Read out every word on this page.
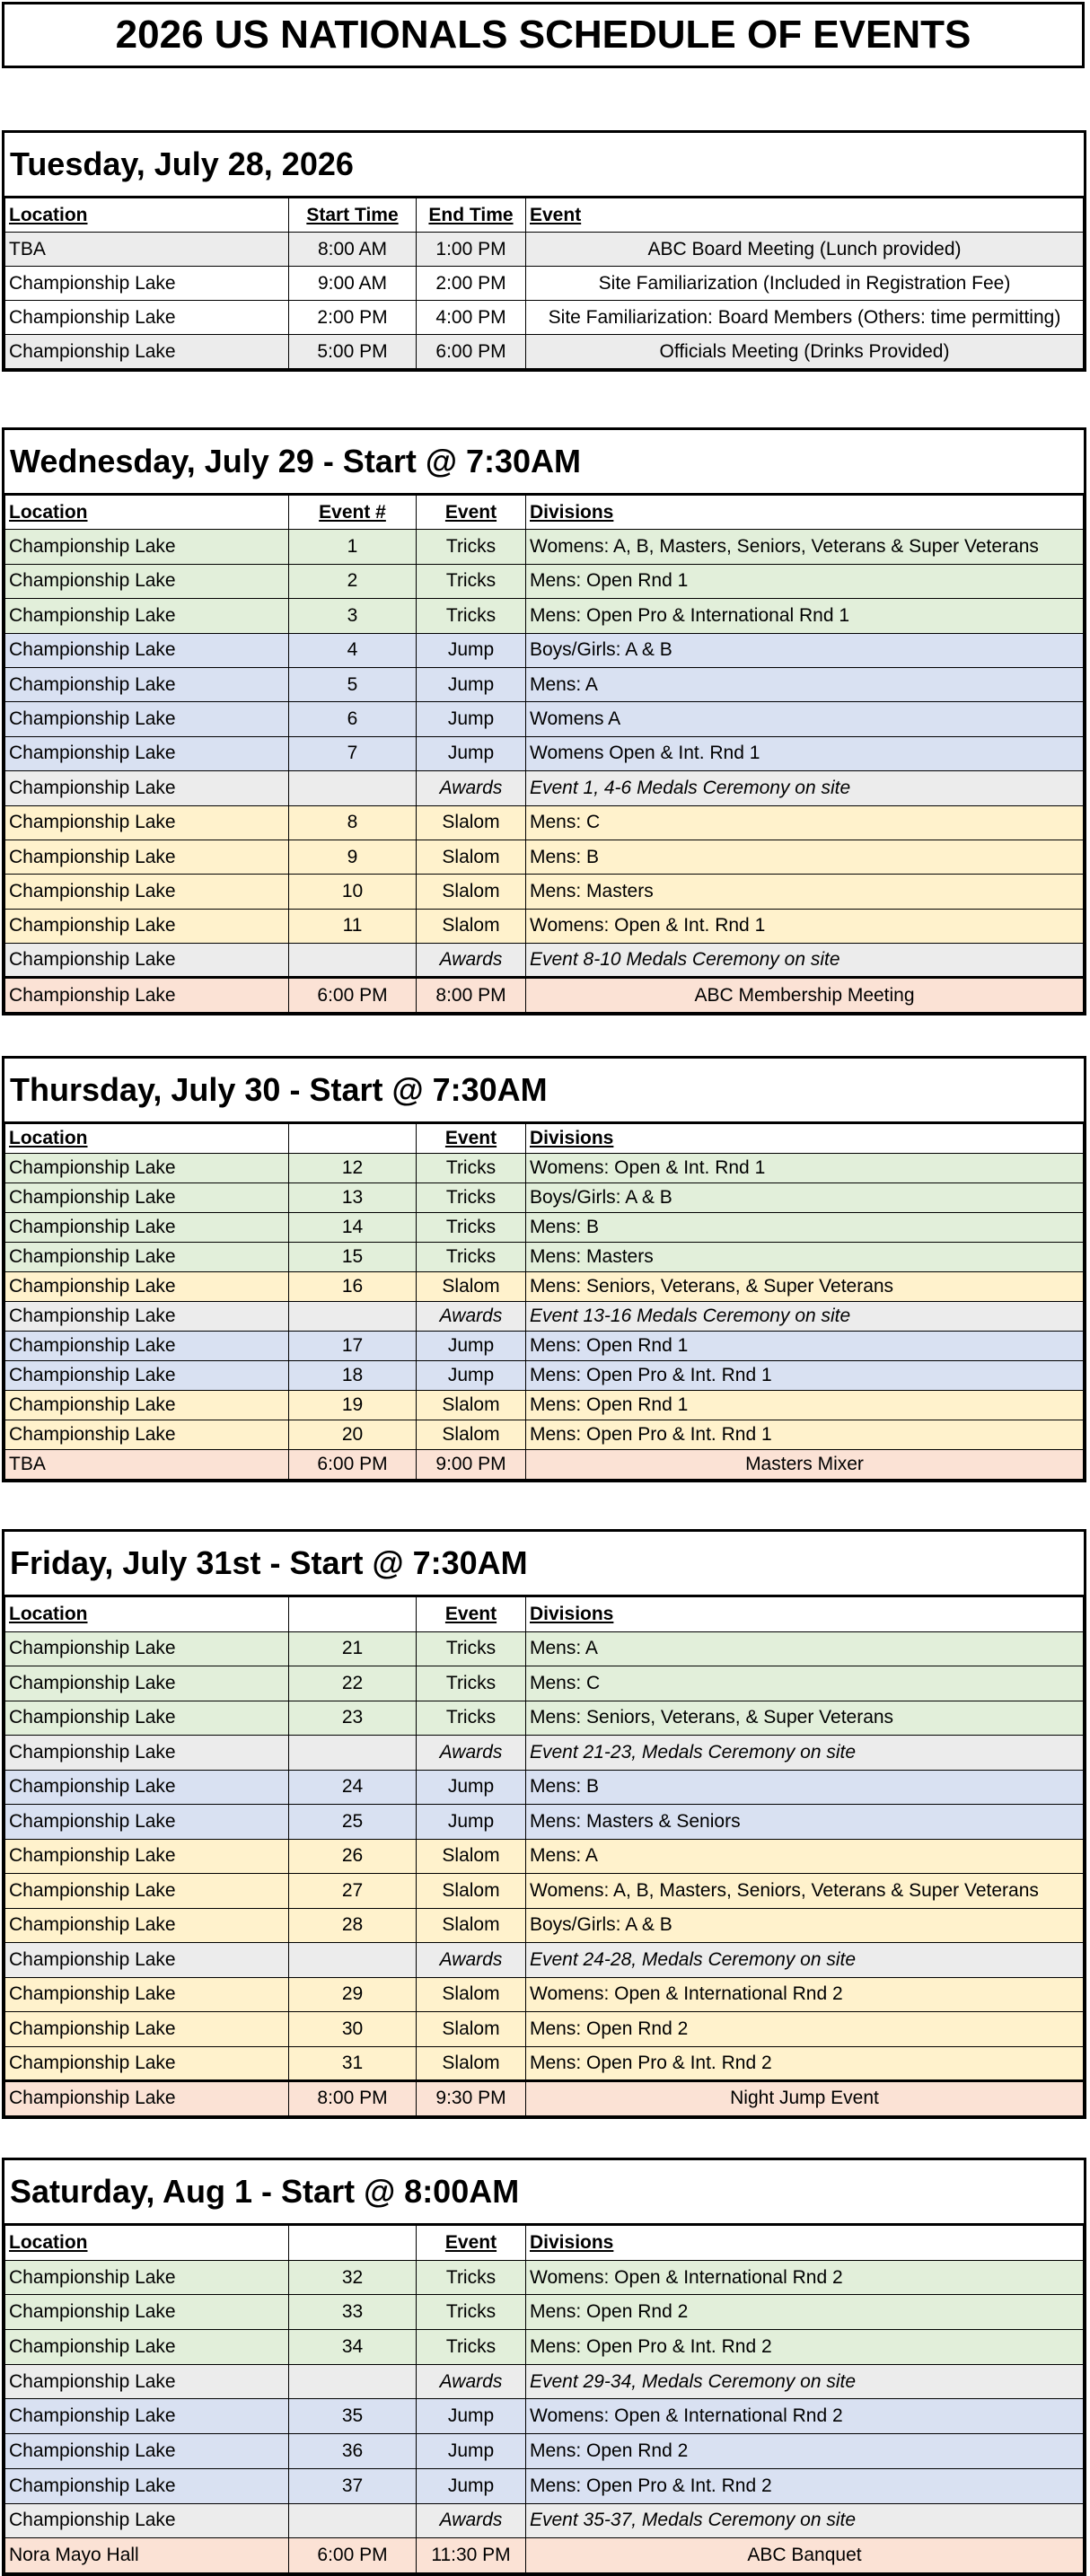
2026 US NATIONALS SCHEDULE OF EVENTS
Tuesday, July 28, 2026
Location	Start Time	End Time	Event
TBA	8:00 AM	1:00 PM	ABC Board Meeting (Lunch provided)
Championship Lake	9:00 AM	2:00 PM	Site Familiarization (Included in Registration Fee)
Championship Lake	2:00 PM	4:00 PM	Site Familiarization: Board Members (Others: time permitting)
Championship Lake	5:00 PM	6:00 PM	Officials Meeting (Drinks Provided)
Wednesday, July 29 - Start @ 7:30AM
Location	Event #	Event	Divisions
Championship Lake	1	Tricks	Womens: A, B, Masters, Seniors, Veterans & Super Veterans
Championship Lake	2	Tricks	Mens: Open Rnd 1
Championship Lake	3	Tricks	Mens: Open Pro & International Rnd 1
Championship Lake	4	Jump	Boys/Girls: A & B
Championship Lake	5	Jump	Mens: A
Championship Lake	6	Jump	Womens A
Championship Lake	7	Jump	Womens Open & Int. Rnd 1
Championship Lake		Awards	Event 1, 4-6 Medals Ceremony on site
Championship Lake	8	Slalom	Mens: C
Championship Lake	9	Slalom	Mens: B
Championship Lake	10	Slalom	Mens: Masters
Championship Lake	11	Slalom	Womens: Open & Int. Rnd 1
Championship Lake		Awards	Event 8-10 Medals Ceremony on site
Championship Lake	6:00 PM	8:00 PM	ABC Membership Meeting
Thursday, July 30 - Start @ 7:30AM
Location		Event	Divisions
Championship Lake	12	Tricks	Womens: Open & Int. Rnd 1
Championship Lake	13	Tricks	Boys/Girls: A & B
Championship Lake	14	Tricks	Mens: B
Championship Lake	15	Tricks	Mens: Masters
Championship Lake	16	Slalom	Mens: Seniors, Veterans, & Super Veterans
Championship Lake		Awards	Event 13-16 Medals Ceremony on site
Championship Lake	17	Jump	Mens: Open Rnd 1
Championship Lake	18	Jump	Mens: Open Pro & Int. Rnd 1
Championship Lake	19	Slalom	Mens: Open Rnd 1
Championship Lake	20	Slalom	Mens: Open Pro & Int. Rnd 1
TBA	6:00 PM	9:00 PM	Masters Mixer
Friday, July 31st - Start @ 7:30AM
Location		Event	Divisions
Championship Lake	21	Tricks	Mens: A
Championship Lake	22	Tricks	Mens: C
Championship Lake	23	Tricks	Mens: Seniors, Veterans, & Super Veterans
Championship Lake		Awards	Event 21-23, Medals Ceremony on site
Championship Lake	24	Jump	Mens: B
Championship Lake	25	Jump	Mens: Masters & Seniors
Championship Lake	26	Slalom	Mens: A
Championship Lake	27	Slalom	Womens: A, B, Masters, Seniors, Veterans & Super Veterans
Championship Lake	28	Slalom	Boys/Girls: A & B
Championship Lake		Awards	Event 24-28, Medals Ceremony on site
Championship Lake	29	Slalom	Womens: Open & International Rnd 2
Championship Lake	30	Slalom	Mens: Open Rnd 2
Championship Lake	31	Slalom	Mens: Open Pro & Int. Rnd 2
Championship Lake	8:00 PM	9:30 PM	Night Jump Event
Saturday, Aug 1 - Start @ 8:00AM
Location		Event	Divisions
Championship Lake	32	Tricks	Womens: Open & International Rnd 2
Championship Lake	33	Tricks	Mens: Open Rnd 2
Championship Lake	34	Tricks	Mens: Open Pro & Int. Rnd 2
Championship Lake		Awards	Event 29-34, Medals Ceremony on site
Championship Lake	35	Jump	Womens: Open & International Rnd 2
Championship Lake	36	Jump	Mens: Open Rnd 2
Championship Lake	37	Jump	Mens: Open Pro & Int. Rnd 2
Championship Lake		Awards	Event 35-37, Medals Ceremony on site
Nora Mayo Hall	6:00 PM	11:30 PM	ABC Banquet
